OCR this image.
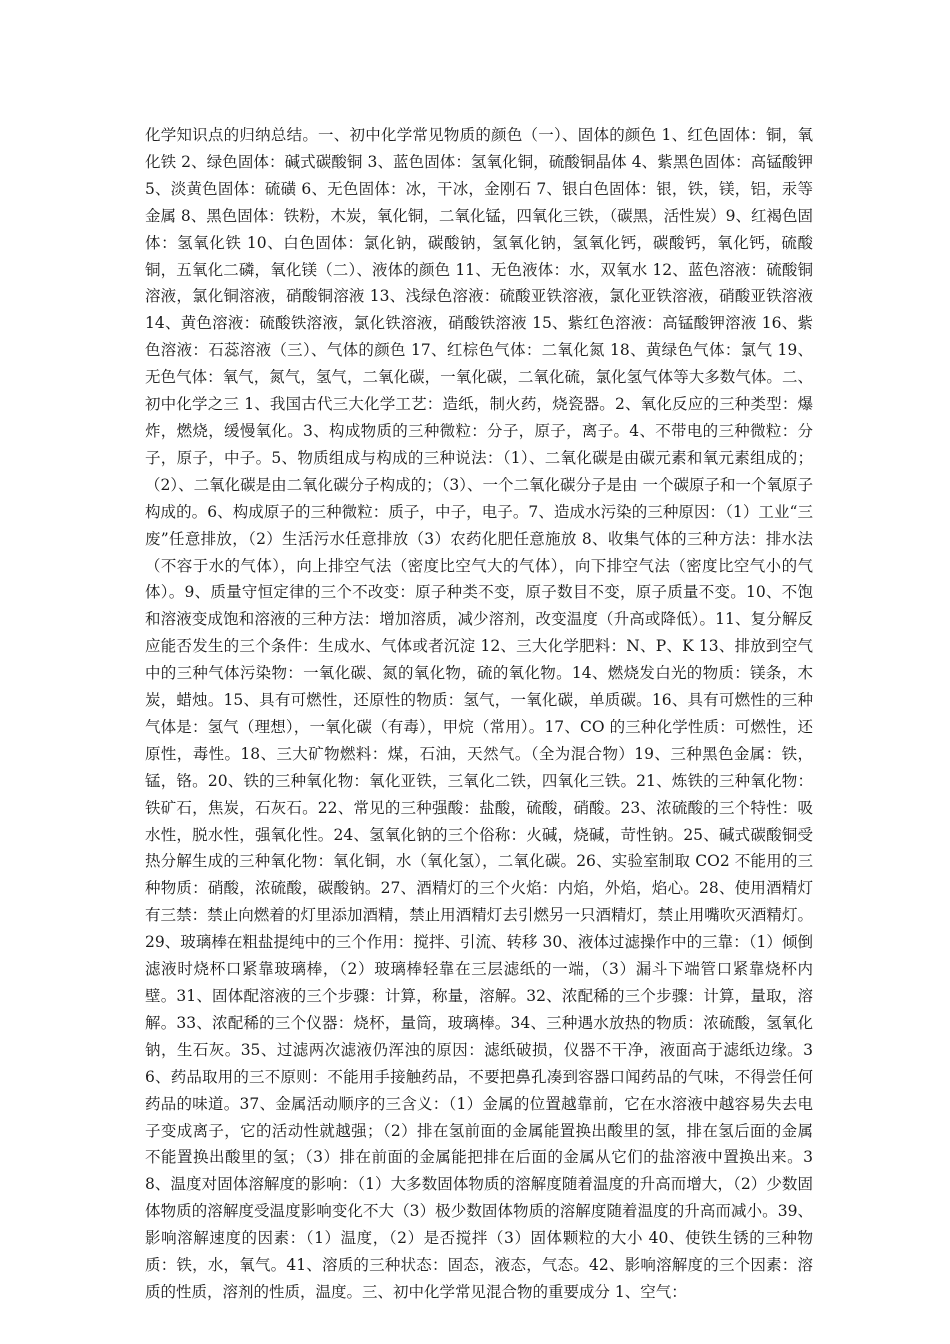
化学知识点的归纳总结。一、初中化学常见物质的颜色（一）、固体的颜色 1、红色固体：铜，氧化铁 2、绿色固体：碱式碳酸铜 3、蓝色固体：氢氧化铜，硫酸铜晶体 4、紫黑色固体：高锰酸钾 5、淡黄色固体：硫磺 6、无色固体：冰，干冰，金刚石 7、银白色固体：银，铁，镁，铝，汞等金属 8、黑色固体：铁粉，木炭，氧化铜，二氧化锰，四氧化三铁，（碳黑，活性炭）9、红褐色固体：氢氧化铁 10、白色固体：氯化钠，碳酸钠，氢氧化钠，氢氧化钙，碳酸钙，氧化钙，硫酸铜，五氧化二磷，氧化镁（二）、液体的颜色 11、无色液体：水，双氧水 12、蓝色溶液：硫酸铜溶液，氯化铜溶液，硝酸铜溶液 13、浅绿色溶液：硫酸亚铁溶液，氯化亚铁溶液，硝酸亚铁溶液 14、黄色溶液：硫酸铁溶液，氯化铁溶液，硝酸铁溶液 15、紫红色溶液：高锰酸钾溶液 16、紫色溶液：石蕊溶液（三）、气体的颜色 17、红棕色气体：二氧化氮 18、黄绿色气体：氯气 19、无色气体：氧气，氮气，氢气，二氧化碳，一氧化碳，二氧化硫，氯化氢气体等大多数气体。二、初中化学之三 1、我国古代三大化学工艺：造纸，制火药，烧瓷器。2、氧化反应的三种类型：爆炸，燃烧，缓慢氧化。3、构成物质的三种微粒：分子，原子，离子。4、不带电的三种微粒：分子，原子，中子。5、物质组成与构成的三种说法：（1）、二氧化碳是由碳元素和氧元素组成的；（2）、二氧化碳是由二氧化碳分子构成的；（3）、一个二氧化碳分子是由 一个碳原子和一个氧原子构成的。6、构成原子的三种微粒：质子，中子，电子。7、造成水污染的三种原因：（1）工业“三废”任意排放，（2）生活污水任意排放（3）农药化肥任意施放 8、收集气体的三种方法：排水法（不容于水的气体），向上排空气法（密度比空气大的气体），向下排空气法（密度比空气小的气体）。9、质量守恒定律的三个不改变：原子种类不变，原子数目不变，原子质量不变。10、不饱和溶液变成饱和溶液的三种方法：增加溶质，减少溶剂，改变温度（升高或降低）。11、复分解反应能否发生的三个条件：生成水、气体或者沉淀 12、三大化学肥料：N、P、K 13、排放到空气中的三种气体污染物：一氧化碳、氮的氧化物，硫的氧化物。14、燃烧发白光的物质：镁条，木炭，蜡烛。15、具有可燃性，还原性的物质：氢气，一氧化碳，单质碳。16、具有可燃性的三种气体是：氢气（理想），一氧化碳（有毒），甲烷（常用）。17、CO 的三种化学性质：可燃性，还原性，毒性。18、三大矿物燃料：煤，石油，天然气。（全为混合物）19、三种黑色金属：铁，锰，铬。20、铁的三种氧化物：氧化亚铁，三氧化二铁，四氧化三铁。21、炼铁的三种氧化物：铁矿石，焦炭，石灰石。22、常见的三种强酸：盐酸，硫酸，硝酸。23、浓硫酸的三个特性：吸水性，脱水性，强氧化性。24、氢氧化钠的三个俗称：火碱，烧碱，苛性钠。25、碱式碳酸铜受热分解生成的三种氧化物：氧化铜，水（氧化氢），二氧化碳。26、实验室制取 CO2 不能用的三种物质：硝酸，浓硫酸，碳酸钠。27、酒精灯的三个火焰：内焰，外焰，焰心。28、使用酒精灯有三禁：禁止向燃着的灯里添加酒精，禁止用酒精灯去引燃另一只酒精灯，禁止用嘴吹灭酒精灯。29、玻璃棒在粗盐提纯中的三个作用：搅拌、引流、转移 30、液体过滤操作中的三靠：（1）倾倒滤液时烧杯口紧靠玻璃棒，（2）玻璃棒轻靠在三层滤纸的一端，（3）漏斗下端管口紧靠烧杯内壁。31、固体配溶液的三个步骤：计算，称量，溶解。32、浓配稀的三个步骤：计算，量取，溶解。33、浓配稀的三个仪器：烧杯，量筒，玻璃棒。34、三种遇水放热的物质：浓硫酸，氢氧化钠，生石灰。35、过滤两次滤液仍浑浊的原因：滤纸破损，仪器不干净，液面高于滤纸边缘。36、药品取用的三不原则：不能用手接触药品，不要把鼻孔凑到容器口闻药品的气味，不得尝任何药品的味道。37、金属活动顺序的三含义：（1）金属的位置越靠前，它在水溶液中越容易失去电子变成离子，它的活动性就越强；（2）排在氢前面的金属能置换出酸里的氢，排在氢后面的金属不能置换出酸里的氢；（3）排在前面的金属能把排在后面的金属从它们的盐溶液中置换出来。38、温度对固体溶解度的影响：（1）大多数固体物质的溶解度随着温度的升高而增大，（2）少数固体物质的溶解度受温度影响变化不大（3）极少数固体物质的溶解度随着温度的升高而减小。39、影响溶解速度的因素：（1）温度，（2）是否搅拌（3）固体颗粒的大小 40、使铁生锈的三种物质：铁，水，氧气。41、溶质的三种状态：固态，液态，气态。42、影响溶解度的三个因素：溶质的性质，溶剂的性质，温度。三、初中化学常见混合物的重要成分 1、空气：
